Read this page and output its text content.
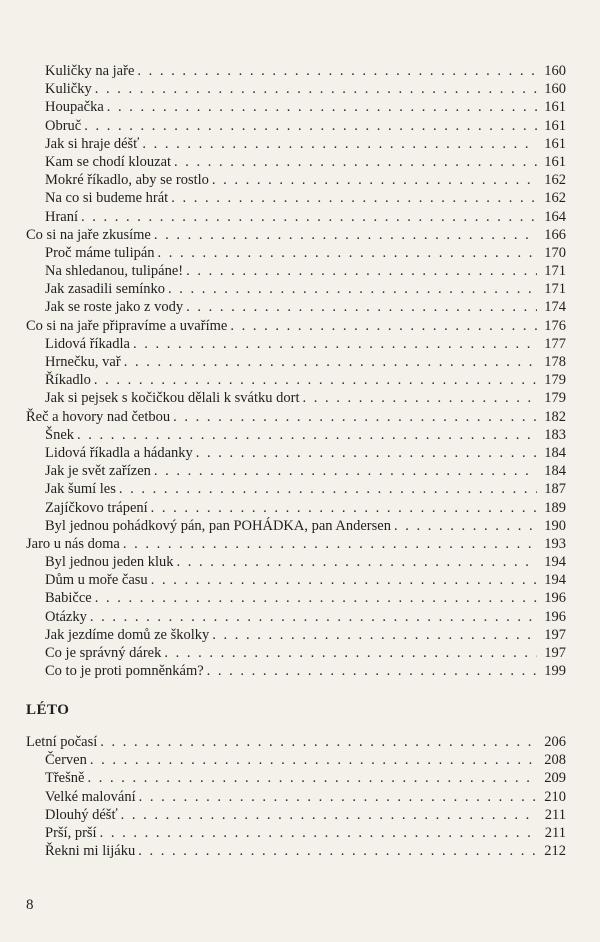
Kuličky na jaře . . .	160
Kuličky . . .	160
Houpačka . . .	161
Obruč . . .	161
Jak si hraje déšť . . .	161
Kam se chodí klouzat . . .	161
Mokré říkadlo, aby se rostlo . . .	162
Na co si budeme hrát . . .	162
Hraní . . .	164
Co si na jaře zkusíme . . .	166
Proč máme tulipán . . .	170
Na shledanou, tulipáne! . . .	171
Jak zasadili semínko . . .	171
Jak se roste jako z vody . . .	174
Co si na jaře připravíme a uvaříme . . .	176
Lidová říkadla . . .	177
Hrnečku, vař . . .	178
Říkadlo . . .	179
Jak si pejsek s kočičkou dělali k svátku dort . . .	179
Řeč a hovory nad četbou . . .	182
Šnek . . .	183
Lidová říkadla a hádanky . . .	184
Jak je svět zařízen . . .	184
Jak šumí les . . .	187
Zajíčkovo trápení . . .	189
Byl jednou pohádkový pán, pan POHÁDKA, pan Andersen . . .	190
Jaro u nás doma . . .	193
Byl jednou jeden kluk . . .	194
Dům u moře času . . .	194
Babičce . . .	196
Otázky . . .	196
Jak jezdíme domů ze školky . . .	197
Co je správný dárek . . .	197
Co to je proti pomněnkám? . . .	199
LÉTO
Letní počasí . . .	206
Červen . . .	208
Třešně . . .	209
Velké malování . . .	210
Dlouhý déšť . . .	211
Prší, prší . . .	211
Řekni mi lijáku . . .	212
8
